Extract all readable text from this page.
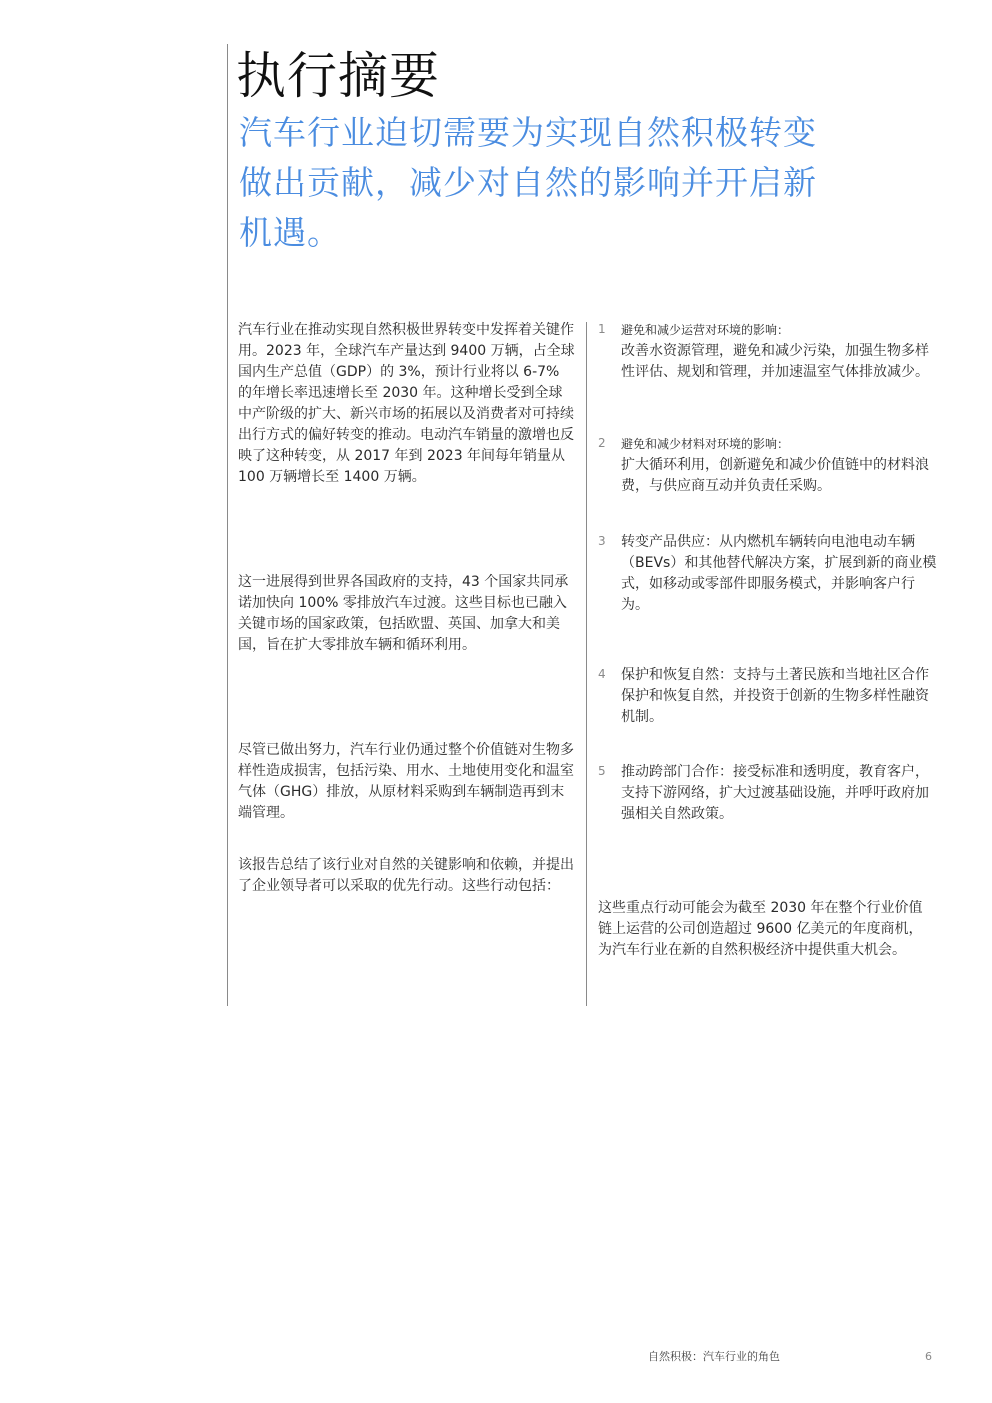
执行摘要
汽车行业迫切需要为实现自然积极转变做出贡献，减少对自然的影响并开启新机遇。

汽车行业在推动实现自然积极世界转变中发挥着关键作用。2023 年，全球汽车产量达到 9400 万辆，占全球国内生产总值（GDP）的 3%，预计行业将以 6-7% 的年增长率迅速增长至 2030 年。这种增长受到全球中产阶级的扩大、新兴市场的拓展以及消费者对可持续出行方式的偏好转变的推动。电动汽车销量的激增也反映了这种转变，从 2017 年到 2023 年间每年销量从 100 万辆增长至 1400 万辆。

这一进展得到世界各国政府的支持，43 个国家共同承诺加快向 100% 零排放汽车过渡。这些目标也已融入关键市场的国家政策，包括欧盟、英国、加拿大和美国，旨在扩大零排放车辆和循环利用。

尽管已做出努力，汽车行业仍通过整个价值链对生物多样性造成损害，包括污染、用水、土地使用变化和温室气体（GHG）排放，从原材料采购到车辆制造再到末端管理。

该报告总结了该行业对自然的关键影响和依赖，并提出了企业领导者可以采取的优先行动。这些行动包括：

1 避免和减少运营对环境的影响：
改善水资源管理，避免和减少污染，加强生物多样性评估、规划和管理，并加速温室气体排放减少。
2 避免和减少材料对环境的影响：
扩大循环利用，创新避免和减少价值链中的材料浪费，与供应商互动并负责任采购。
3 转变产品供应：从内燃机车辆转向电池电动车辆（BEVs）和其他替代解决方案，扩展到新的商业模式，如移动或零部件即服务模式，并影响客户行为。
4 保护和恢复自然：支持与土著民族和当地社区合作保护和恢复自然，并投资于创新的生物多样性融资机制。
5 推动跨部门合作：接受标准和透明度，教育客户，支持下游网络，扩大过渡基础设施，并呼吁政府加强相关自然政策。

这些重点行动可能会为截至 2030 年在整个行业价值链上运营的公司创造超过 9600 亿美元的年度商机，为汽车行业在新的自然积极经济中提供重大机会。

自然积极：汽车行业的角色	6
